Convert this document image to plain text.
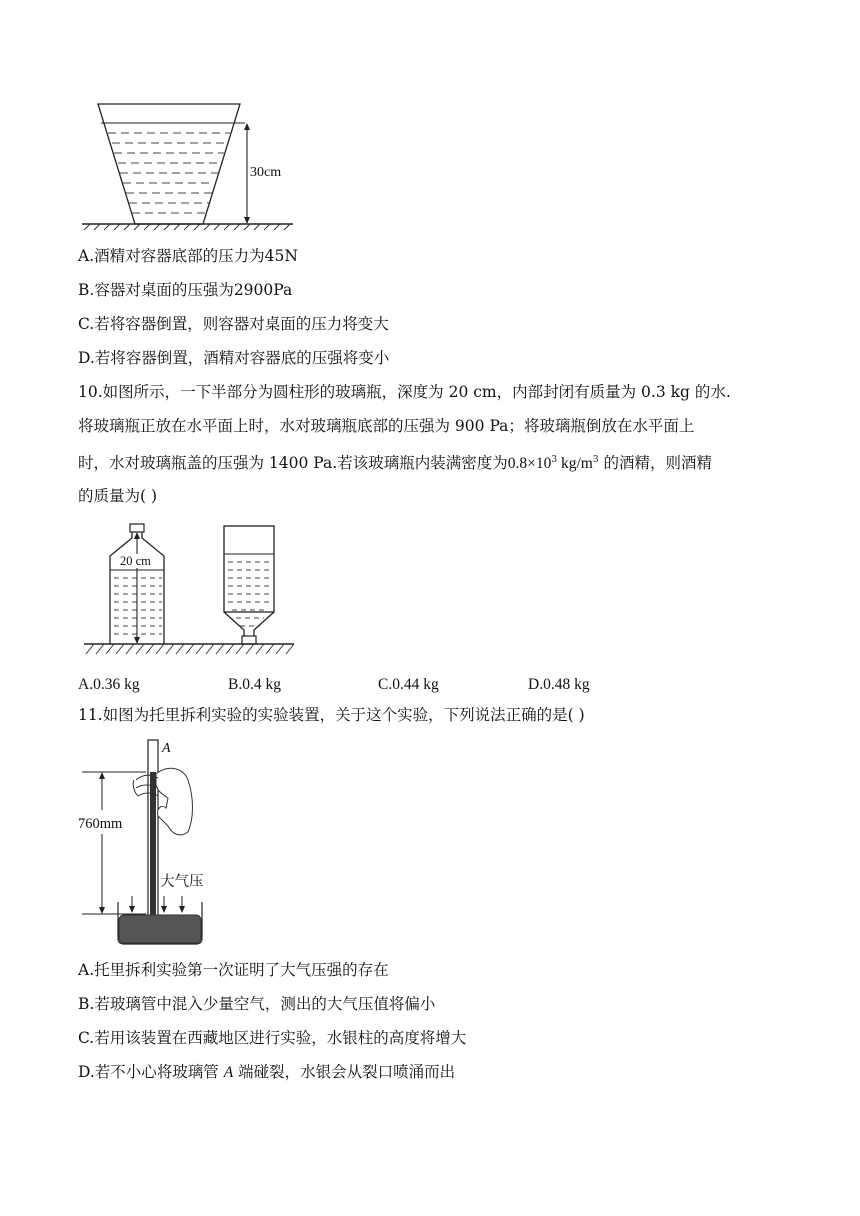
30cm
A.酒精对容器底部的压力为45N
B.容器对桌面的压强为2900Pa
C.若将容器倒置，则容器对桌面的压力将变大
D.若将容器倒置，酒精对容器底的压强将变小
10.如图所示，一下半部分为圆柱形的玻璃瓶，深度为 20 cm，内部封闭有质量为 0.3 kg 的水.
将玻璃瓶正放在水平面上时，水对玻璃瓶底部的压强为 900 Pa；将玻璃瓶倒放在水平面上
时，水对玻璃瓶盖的压强为 1400 Pa.若该玻璃瓶内装满密度为$0.8\times 10^3$ $kg/m^3$ 的酒精，则酒精
的质量为( )
20 cm
A.0.36 kg	B.0.4 kg	C.0.44 kg	D.0.48 kg
11.如图为托里拆利实验的实验装置，关于这个实验，下列说法正确的是( )
A
760mm
大气压
A.托里拆利实验第一次证明了大气压强的存在
B.若玻璃管中混入少量空气，测出的大气压值将偏小
C.若用该装置在西藏地区进行实验，水银柱的高度将增大
D.若不小心将玻璃管 A 端碰裂，水银会从裂口喷涌而出
